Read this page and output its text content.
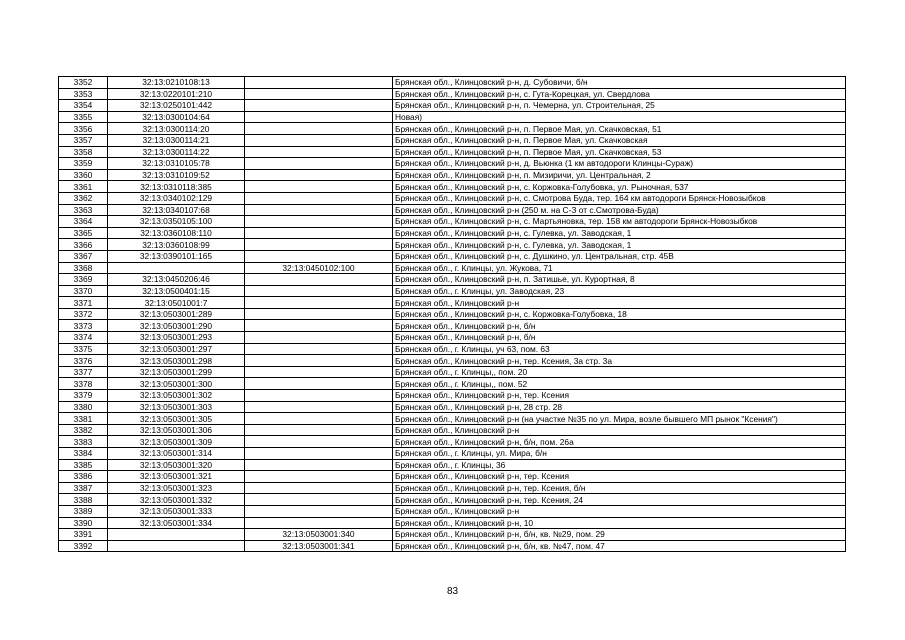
3352	32:13:0210108:13		Брянская обл., Клинцовский р-н, д. Субовичи, б/н
3353	32:13:0220101:210		Брянская обл., Клинцовский р-н, с. Гута-Корецкая, ул. Свердлова
3354	32:13:0250101:442		Брянская обл., Клинцовский р-н, п. Чемерна, ул. Строительная, 25
3355	32:13:0300104:64		Новая)
3356	32:13:0300114:20		Брянская обл., Клинцовский р-н, п. Первое Мая, ул. Скачковская, 51
3357	32:13:0300114:21		Брянская обл., Клинцовский р-н, п. Первое Мая, ул. Скачковская
3358	32:13:0300114:22		Брянская обл., Клинцовский р-н, п. Первое Мая, ул. Скачковская, 53
3359	32:13:0310105:78		Брянская обл., Клинцовский р-н, д. Вьюнка (1 км автодороги Клинцы-Сураж)
3360	32:13:0310109:52		Брянская обл., Клинцовский р-н, п. Мизиричи, ул. Центральная, 2
3361	32:13:0310118:385		Брянская обл., Клинцовский р-н, с. Коржовка-Голубовка, ул. Рыночная, 537
3362	32:13:0340102:129		Брянская обл., Клинцовский р-н, с. Смотрова Буда, тер. 164 км автодороги Брянск-Новозыбков
3363	32:13:0340107:68		Брянская обл., Клинцовский р-н (250 м. на С-З от с.Смотрова-Буда)
3364	32:13:0350105:100		Брянская обл., Клинцовский р-н, с. Мартьяновка, тер. 158 км автодороги Брянск-Новозыбков
3365	32:13:0360108:110		Брянская обл., Клинцовский р-н, с. Гулевка, ул. Заводская, 1
3366	32:13:0360108:99		Брянская обл., Клинцовский р-н, с. Гулевка, ул. Заводская, 1
3367	32:13:0390101:165		Брянская обл., Клинцовский р-н, с. Душкино, ул. Центральная, стр. 45В
3368		32:13:0450102:100	Брянская обл., г. Клинцы, ул. Жукова, 71
3369	32:13:0450206:46		Брянская обл., Клинцовский р-н, п. Затишье, ул. Курортная, 8
3370	32:13:0500401:15		Брянская обл., г. Клинцы, ул. Заводская, 23
3371	32:13:0501001:7		Брянская обл., Клинцовский р-н
3372	32:13:0503001:289		Брянская обл., Клинцовский р-н, с. Коржовка-Голубовка, 18
3373	32:13:0503001:290		Брянская обл., Клинцовский р-н, б/н
3374	32:13:0503001:293		Брянская обл., Клинцовский р-н, б/н
3375	32:13:0503001:297		Брянская обл., г. Клинцы, уч 63, пом. 63
3376	32:13:0503001:298		Брянская обл., Клинцовский р-н, тер. Ксения, 3а стр. 3а
3377	32:13:0503001:299		Брянская обл., г. Клинцы,, пом. 20
3378	32:13:0503001:300		Брянская обл., г. Клинцы,, пом. 52
3379	32:13:0503001:302		Брянская обл., Клинцовский р-н, тер. Ксения
3380	32:13:0503001:303		Брянская обл., Клинцовский р-н, 28 стр. 28
3381	32:13:0503001:305		Брянская обл., Клинцовский р-н (на участке №35 по ул. Мира, возле бывшего МП рынок "Ксения")
3382	32:13:0503001:306		Брянская обл., Клинцовский р-н
3383	32:13:0503001:309		Брянская обл., Клинцовский р-н, б/н, пом. 26а
3384	32:13:0503001:314		Брянская обл., г. Клинцы, ул. Мира, б/н
3385	32:13:0503001:320		Брянская обл., г. Клинцы, 36
3386	32:13:0503001:321		Брянская обл., Клинцовский р-н, тер. Ксения
3387	32:13:0503001:323		Брянская обл., Клинцовский р-н, тер. Ксения, б/н
3388	32:13:0503001:332		Брянская обл., Клинцовский р-н, тер. Ксения, 24
3389	32:13:0503001:333		Брянская обл., Клинцовский р-н
3390	32:13:0503001:334		Брянская обл., Клинцовский р-н, 10
3391		32:13:0503001:340	Брянская обл., Клинцовский р-н, б/н, кв. №29, пом. 29
3392		32:13:0503001:341	Брянская обл., Клинцовский р-н, б/н, кв. №47, пом. 47
83
